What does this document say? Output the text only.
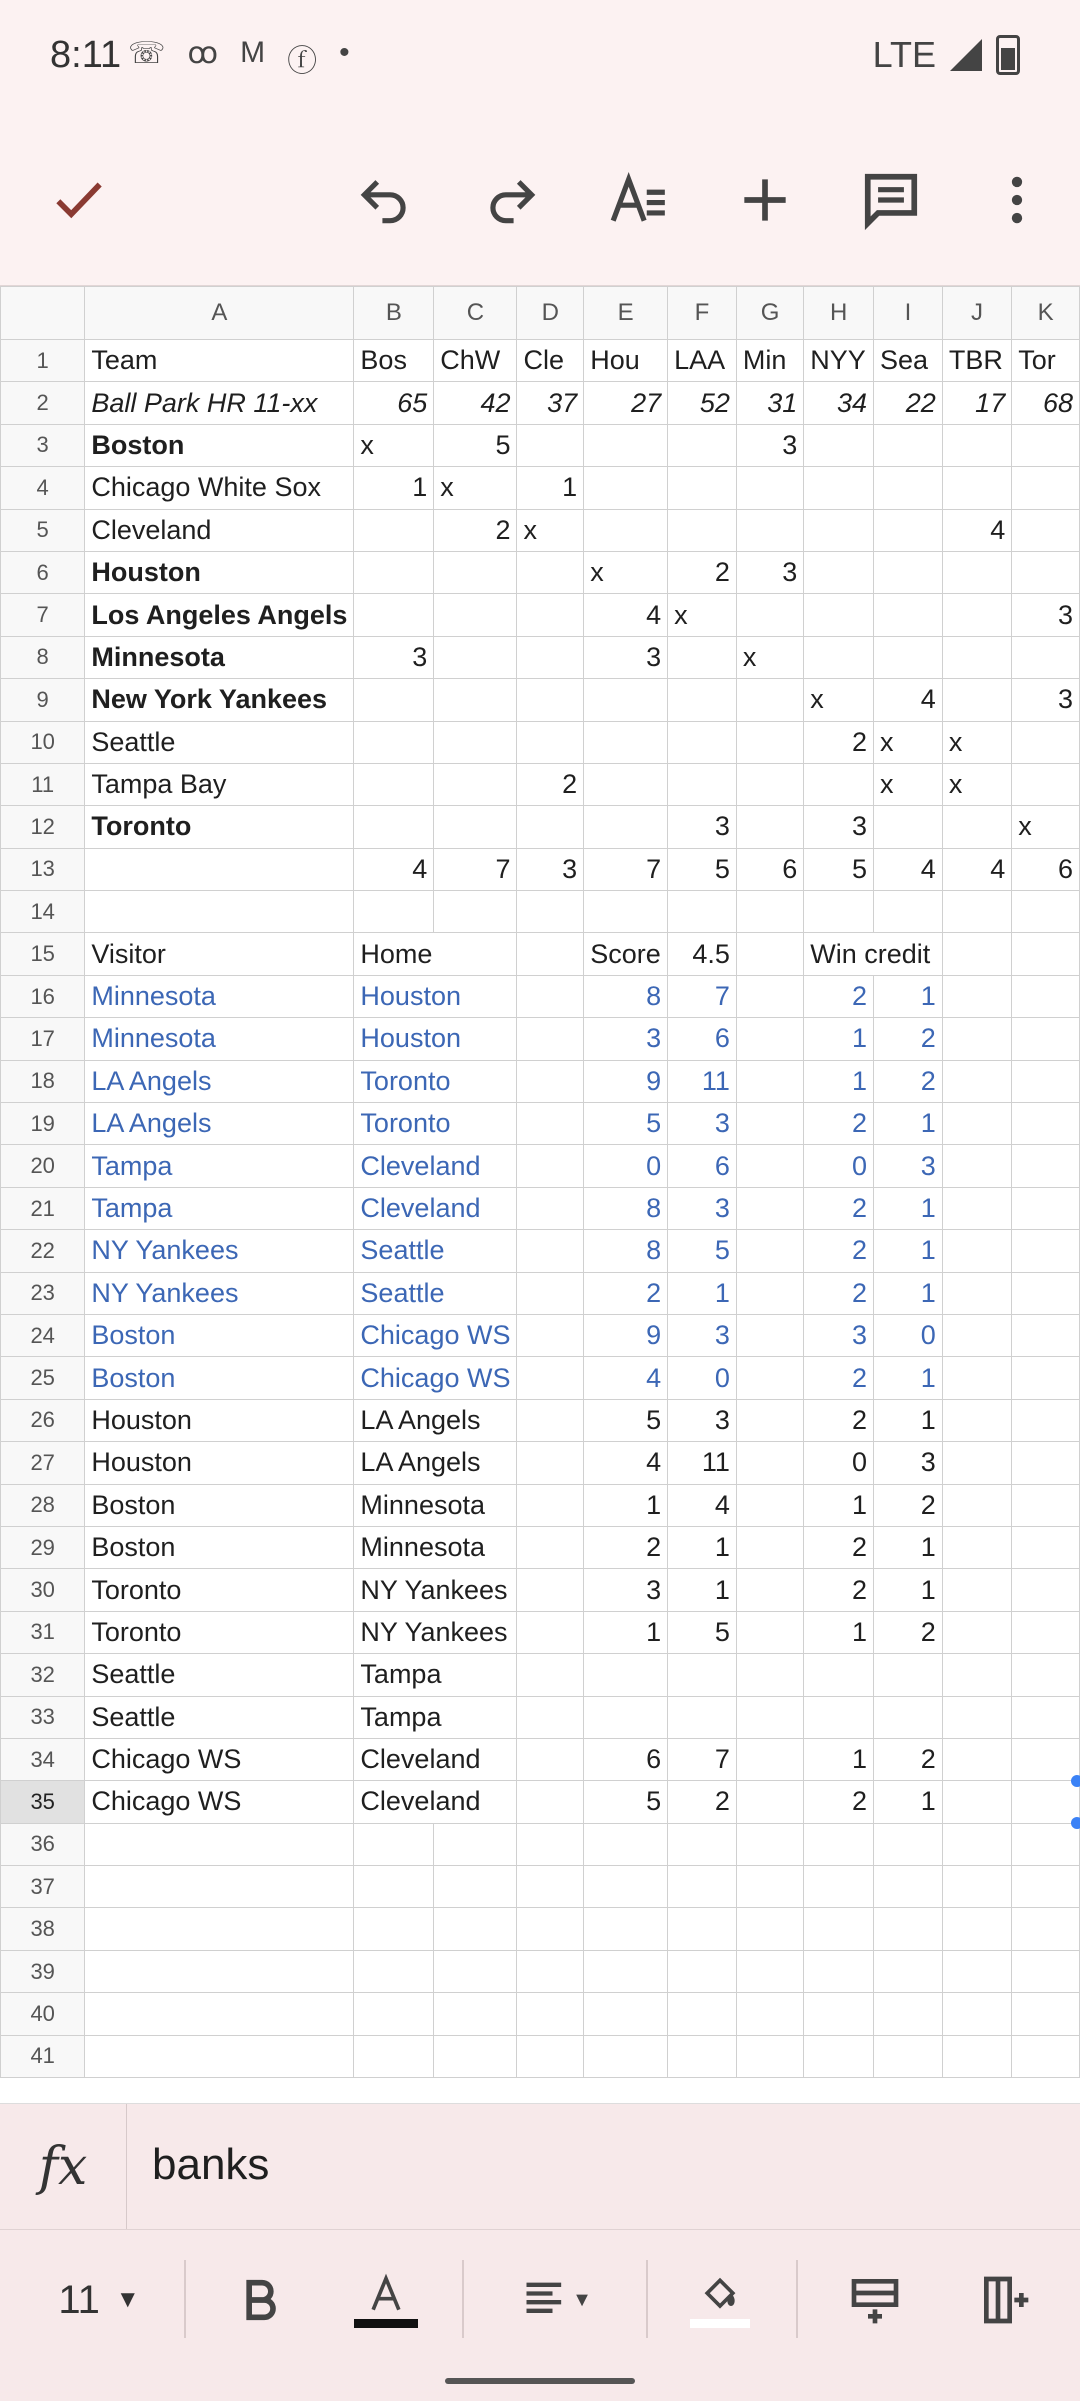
8:11 ☏ ꝏ M ⓕ •	LTE
	A	B	C	D	E	F	G	H	I	J	K
1	Team	Bos	ChW	Cle	Hou	LAA	Min	NYY	Sea	TBR	Tor
2	Ball Park HR 11-xx	65	42	37	27	52	31	34	22	17	68
3	Boston	x	5				3				
4	Chicago White Sox	1	x	1							
5	Cleveland		2	x						4	
6	Houston				x	2	3				
7	Los Angeles Angels				4	x					3
8	Minnesota	3			3		x				
9	New York Yankees							x	4		3
10	Seattle							2	x	x	
11	Tampa Bay			2					x	x	
12	Toronto					3		3			x
13		4	7	3	7	5	6	5	4	4	6
14											
15	Visitor	Home			Score	4.5		Win credit			
16	Minnesota	Houston			8	7		2	1		
17	Minnesota	Houston			3	6		1	2		
18	LA Angels	Toronto			9	11		1	2		
19	LA Angels	Toronto			5	3		2	1		
20	Tampa	Cleveland			0	6		0	3		
21	Tampa	Cleveland			8	3		2	1		
22	NY Yankees	Seattle			8	5		2	1		
23	NY Yankees	Seattle			2	1		2	1		
24	Boston	Chicago WS			9	3		3	0		
25	Boston	Chicago WS			4	0		2	1		
26	Houston	LA Angels			5	3		2	1		
27	Houston	LA Angels			4	11		0	3		
28	Boston	Minnesota			1	4		1	2		
29	Boston	Minnesota			2	1		2	1		
30	Toronto	NY Yankees			3	1		2	1		
31	Toronto	NY Yankees			1	5		1	2		
32	Seattle	Tampa									
33	Seattle	Tampa									
34	Chicago WS	Cleveland			6	7		1	2		
35	Chicago WS	Cleveland			5	2		2	1		

36											
37											
38											
39											
40											
41											
fx	banks
11 ▼	▼
